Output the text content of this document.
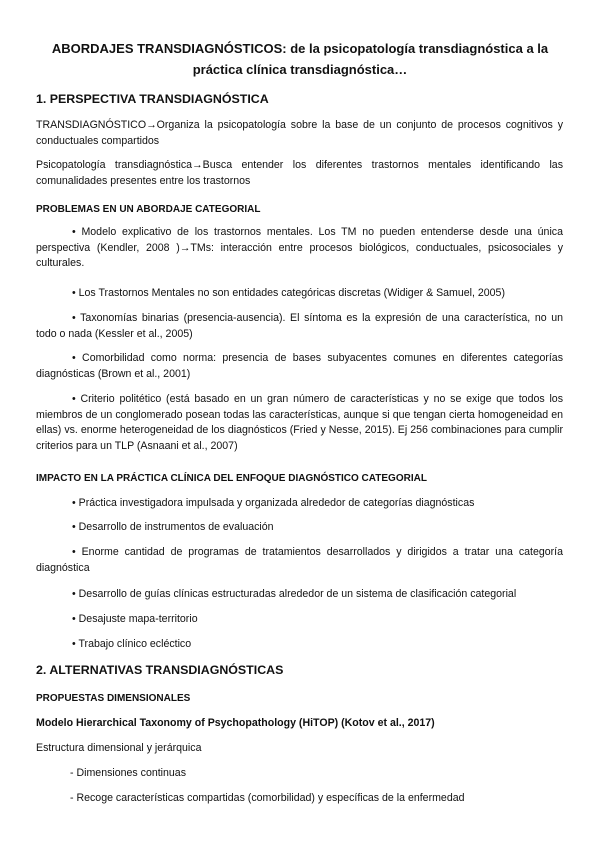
ABORDAJES TRANSDIAGNÓSTICOS: de la psicopatología transdiagnóstica a la práctica clínica transdiagnóstica…
1. PERSPECTIVA TRANSDIAGNÓSTICA

TRANSDIAGNÓSTICO→Organiza la psicopatología sobre la base de un conjunto de procesos cognitivos y conductuales compartidos

Psicopatología transdiagnóstica→Busca entender los diferentes trastornos mentales identificando las comunalidades presentes entre los trastornos

PROBLEMAS EN UN ABORDAJE CATEGORIAL

• Modelo explicativo de los trastornos mentales. Los TM no pueden entenderse desde una única perspectiva (Kendler, 2008 )→TMs: interacción entre procesos biológicos, conductuales, psicosociales y culturales.

• Los Trastornos Mentales no son entidades categóricas discretas (Widiger & Samuel, 2005)

• Taxonomías binarias (presencia-ausencia). El síntoma es la expresión de una característica, no un todo o nada (Kessler et al., 2005)

• Comorbilidad como norma: presencia de bases subyacentes comunes en diferentes categorías diagnósticas (Brown et al., 2001)

• Criterio politético (está basado en un gran número de características y no se exige que todos los miembros de un conglomerado posean todas las características, aunque si que tengan cierta homogeneidad en ellas) vs. enorme heterogeneidad de los diagnósticos (Fried y Nesse, 2015). Ej 256 combinaciones para cumplir criterios para un TLP (Asnaani et al., 2007)

IMPACTO EN LA PRÁCTICA CLÍNICA DEL ENFOQUE DIAGNÓSTICO CATEGORIAL

• Práctica investigadora impulsada y organizada alrededor de categorías diagnósticas

• Desarrollo de instrumentos de evaluación

• Enorme cantidad de programas de tratamientos desarrollados y dirigidos a tratar una categoría diagnóstica

• Desarrollo de guías clínicas estructuradas alrededor de un sistema de clasificación categorial

• Desajuste mapa-territorio

• Trabajo clínico ecléctico

2. ALTERNATIVAS TRANSDIAGNÓSTICAS
PROPUESTAS DIMENSIONALES

Modelo Hierarchical Taxonomy of Psychopathology (HiTOP) (Kotov et al., 2017)

Estructura dimensional y jerárquica

- Dimensiones continuas

- Recoge características compartidas (comorbilidad) y específicas de la enfermedad
